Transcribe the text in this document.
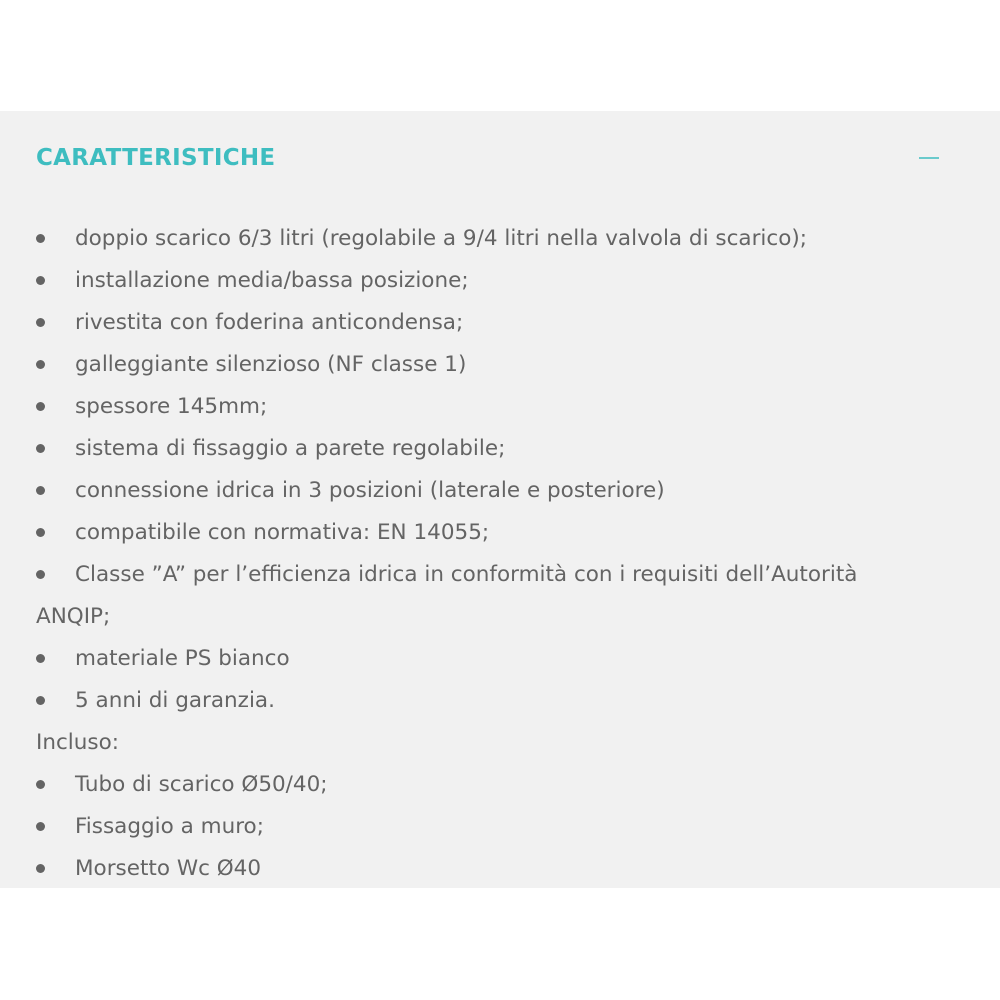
CARATTERISTICHE
doppio scarico 6/3 litri (regolabile a 9/4 litri nella valvola di scarico);
installazione media/bassa posizione;
rivestita con foderina anticondensa;
galleggiante silenzioso (NF classe 1)
spessore 145mm;
sistema di fissaggio a parete regolabile;
connessione idrica in 3 posizioni (laterale e posteriore)
compatibile con normativa: EN 14055;
Classe ”A” per l’efficienza idrica in conformità con i requisiti dell’Autorità
ANQIP;
materiale PS bianco
5 anni di garanzia.
Incluso:
Tubo di scarico Ø50/40;
Fissaggio a muro;
Morsetto Wc Ø40
